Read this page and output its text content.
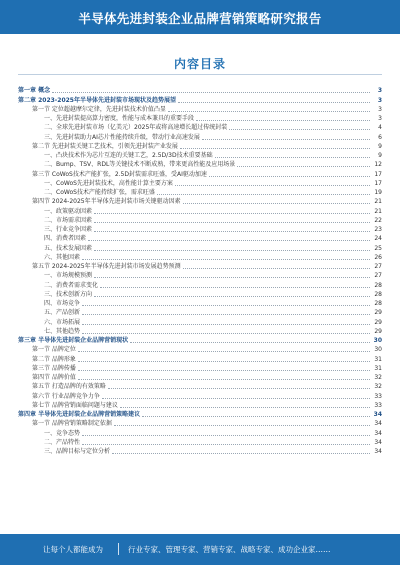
半导体先进封装企业品牌营销策略研究报告
内容目录
第一章 概念	3
第二章 2023-2025年半导体先进封装市场现状及趋势展望	3
第一节 定位超越摩尔定律，先进封装技术价值凸显	3
一、先进封装提高算力密度，性能与成本兼具的重要手段	3
二、全球先进封装市场（亿美元）2025年或将高速增长超过传统封装	4
三、先进封装助力AI芯片性能持续升级，带动行业高速发展	6
第二节 先进封装关键工艺技术，引领先进封装产业发展	9
一、凸块技术作为芯片互连的关键工艺，2.5D/3D技术重要基础	9
二、Bump、TSV、RDL等关键技术不断成熟，带来更高性能及应用场景	12
第三节 CoWoS技术产能扩张，2.5D封装需求旺盛，受AI驱动加速	17
一、CoWoS先进封装技术，高性能计算主要方案	17
二、CoWoS技术产能持续扩张，需求旺盛	19
第四节 2024-2025年半导体先进封装市场关键驱动因素	21
一、政策驱动因素	21
二、市场需求因素	22
三、行业竞争因素	23
四、消费者因素	24
五、技术发展因素	25
六、其他因素	26
第五节 2024-2025年半导体先进封装市场发展趋势预测	27
一、市场规模预测	27
二、消费者需求变化	28
三、技术创新方向	28
四、市场竞争	28
五、产品创新	29
六、市场拓展	29
七、其他趋势	29
第三章 半导体先进封装企业品牌营销现状	30
第一节 品牌定位	30
第二节 品牌形象	31
第三节 品牌传播	31
第四节 品牌价值	32
第五节 打造品牌的有效策略	32
第六节 行业品牌竞争力争	33
第七节 品牌营销面临问题与建议	33
第四章 半导体先进封装企业品牌营销策略建议	34
第一节 品牌营销策略制定依据	34
一、竞争态势	34
二、产品特性	34
三、品牌目标与定位分析	34
让每个人都能成为	行业专家、管理专家、营销专家、战略专家、成功企业家……
